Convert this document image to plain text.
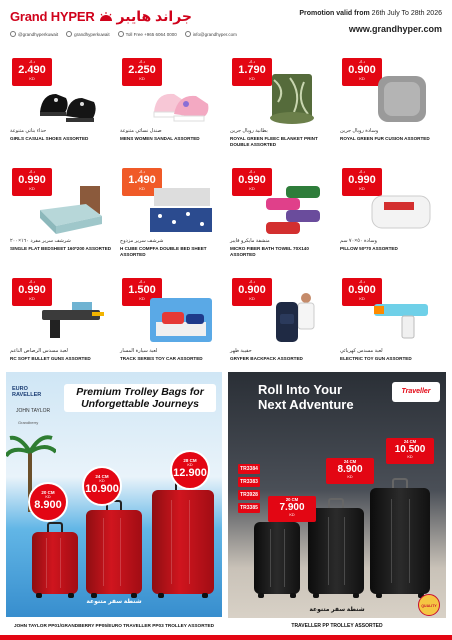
Grand HYPER جراند هايبر	Promotion valid from 26th July To 28th 2026
www.grandhyper.com
@grandhyperkuwait	grandhyperkuwait	Toll Free +965 6064 0000	info@grandhyper.com
د.ك
2.490
KD
حذاء بناتي متنوعة
GIRLS CASUAL SHOES ASSORTED
د.ك
2.250
KD
صندل نسائي متنوعة
MENS WOMEN SANDAL ASSORTED
د.ك
1.790
KD
بطانية رويال جرين
ROYAL GREEN FLEEC BLANKET PRINT DOUBLE ASSORTED
د.ك
0.900
KD
وسادة رويال جرين
ROYAL GREEN FUR CUSION ASSORTED
د.ك
0.990
KD
شرشف سرير مفرد ١٦٠×٢٠٠
SINGLE FLAT BEDSHEET 160*200 ASSORTED
د.ك
1.490
KD
شرشف سرير مزدوج
H CUBE COMPFA DOUBLE BED SHEET ASSORTED
د.ك
0.990
KD
منشفة مايكرو فايبر
MICRO FIBER BATH TOWEL 70X140 ASSORTED
د.ك
0.990
KD
وسادة ٥٠×٧٠ سم
PILLOW 50*70 ASSORTED
د.ك
0.990
KD
لعبة مسدس الرصاص الناعم
RC SOFT BULLET GUNS ASSORTED
د.ك
1.500
KD
لعبة سيارة المسار
TRACK SERIES TOY CAR ASSORTED
د.ك
0.900
KD
حقيبة ظهر
GRYFER BACKPACK ASSORTED
د.ك
0.900
KD
لعبة مسدس كهربائي
ELECTRIC TOY GUN ASSORTED
EURO
RAVELLER
JOHN TAYLOR
Grandberry
Premium Trolley Bags for
Unforgettable Journeys
20 CM
KD
8.900
24 CM
KD
10.900
28 CM
KD
12.900
شنطة سفر متنوعة
JOHN TAYLOR PP01/GRANDBERRY PP05/EURO TRAVELLER PP03 TROLLEY ASSORTED
Roll Into Your
Next Adventure
Traveller
TR3384
TR3383
TR3928
TR3385
20 CM
7.900
KD
24 CM
8.900
KD
24 CM
10.500
KD
QUALITY
شنطة سفر متنوعة
TRAVELLER PP TROLLEY ASSORTED
